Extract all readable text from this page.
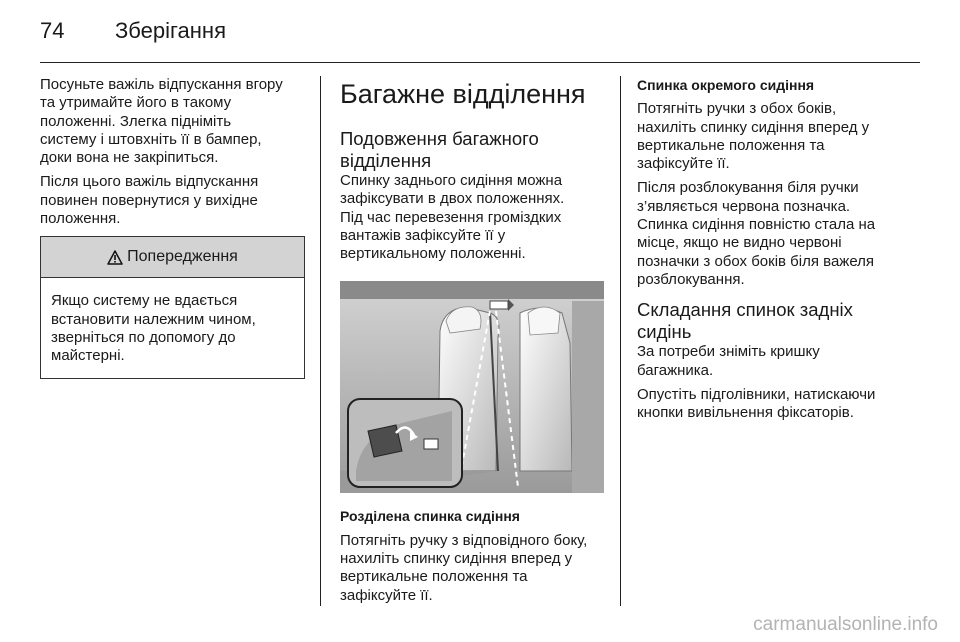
74 Зберігання

Посуньте важіль відпускання вгору
та утримайте його в такому
положенні. Злегка підніміть
систему і штовхніть її в бампер,
доки вона не закріпиться.

Після цього важіль відпускання
повинен повернутися у вихідне
положення.

Попередження
Якщо систему не вдається
встановити належним чином,
зверніться по допомогу до
майстерні.
Багажне відділення
Подовження багажного
відділення

Спинку заднього сидіння можна
зафіксувати в двох положеннях.
Під час перевезення громіздких
вантажів зафіксуйте її у
вертикальному положенні.

Розділена спинка сидіння

Потягніть ручку з відповідного боку,
нахиліть спинку сидіння вперед у
вертикальне положення та
зафіксуйте її.

Спинка окремого сидіння

Потягніть ручки з обох боків,
нахиліть спинку сидіння вперед у
вертикальне положення та
зафіксуйте її.

Після розблокування біля ручки
з’являється червона позначка.
Спинка сидіння повністю стала на
місце, якщо не видно червоні
позначки з обох боків біля важеля
розблокування.

Складання спинок задніх
сидінь

За потреби зніміть кришку
багажника.

Опустіть підголівники, натискаючи
кнопки вивільнення фіксаторів.

carmanualsonline.info
